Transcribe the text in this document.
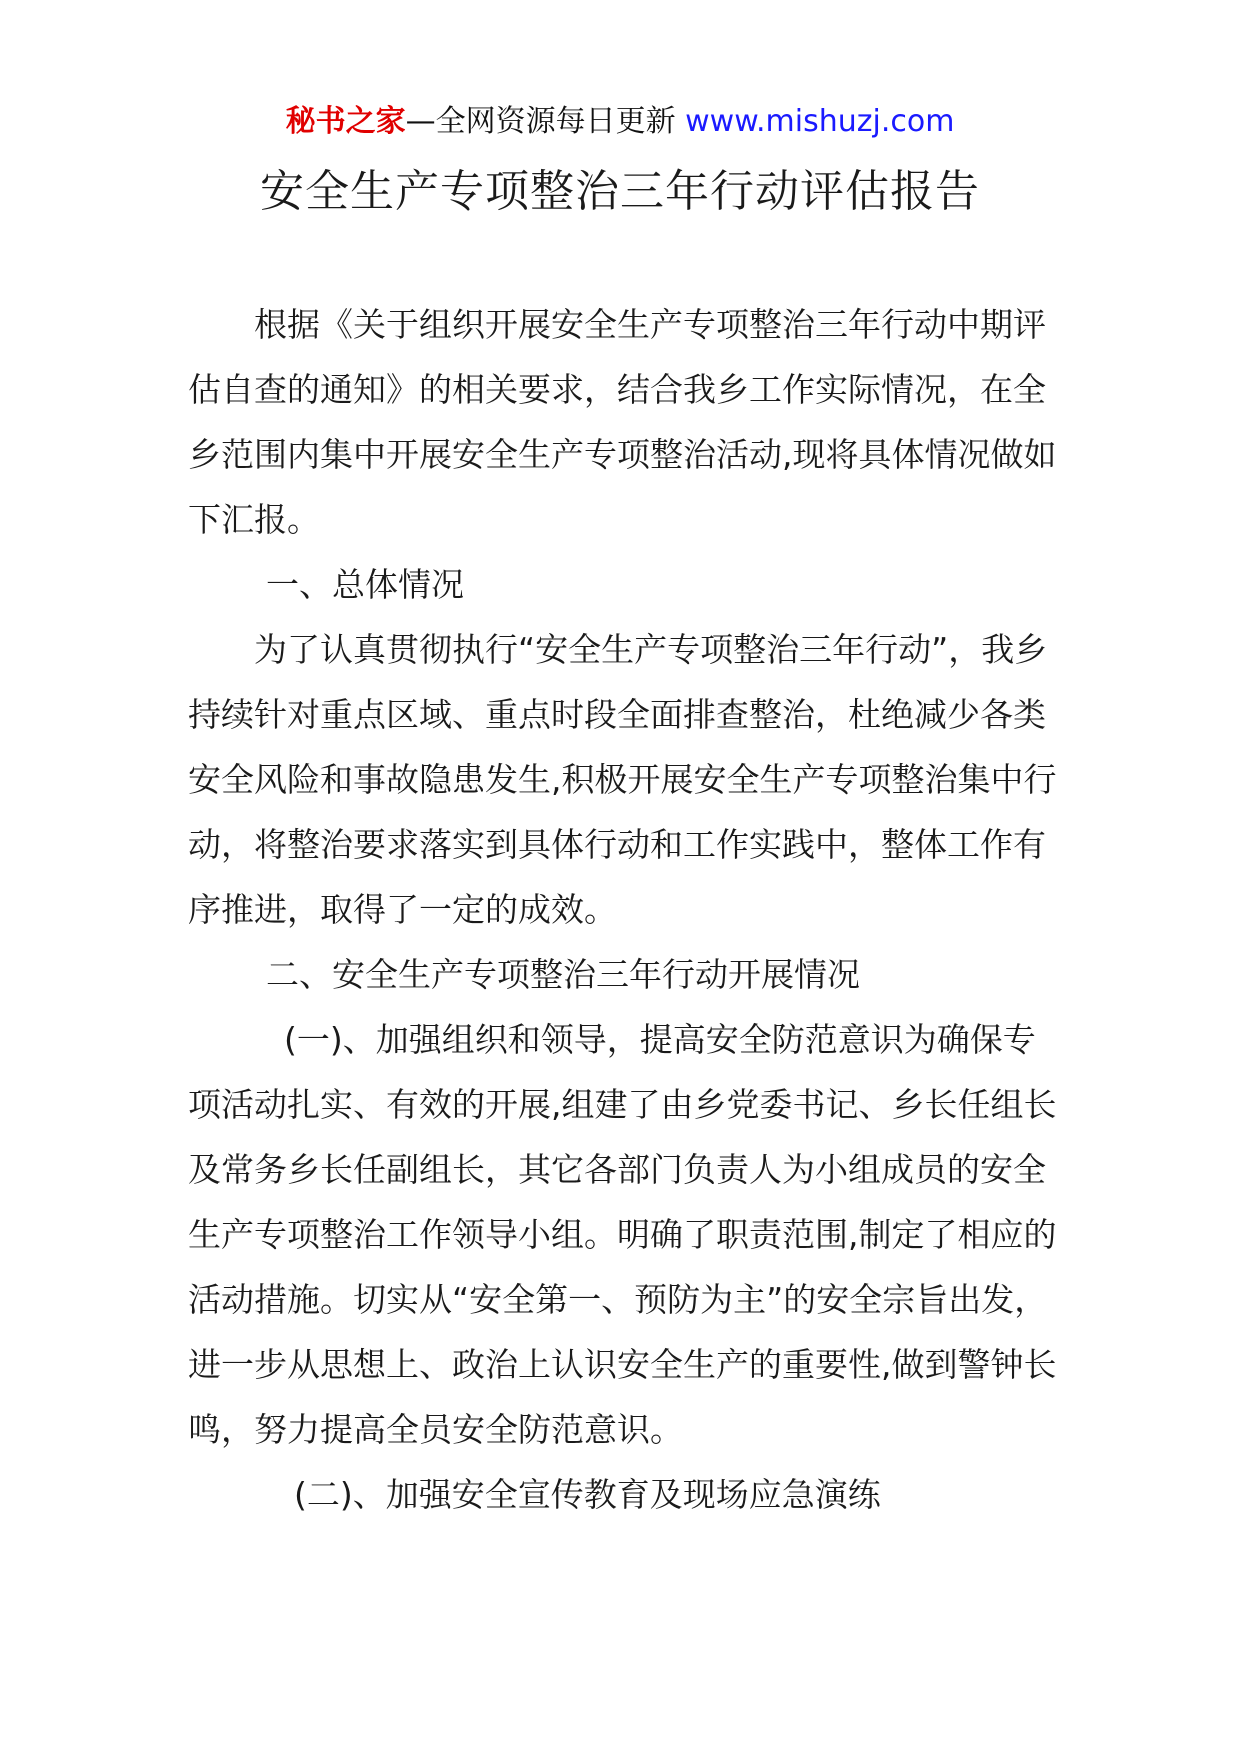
秘书之家—全网资源每日更新 www.mishuzj.com
安全生产专项整治三年行动评估报告

根据《关于组织开展安全生产专项整治三年行动中期评估自查的通知》的相关要求，结合我乡工作实际情况，在全乡范围内集中开展安全生产专项整治活动,现将具体情况做如下汇报。

一、总体情况

为了认真贯彻执行“安全生产专项整治三年行动”，我乡持续针对重点区域、重点时段全面排查整治，杜绝减少各类安全风险和事故隐患发生,积极开展安全生产专项整治集中行动，将整治要求落实到具体行动和工作实践中，整体工作有序推进，取得了一定的成效。

二、安全生产专项整治三年行动开展情况

(一)、加强组织和领导，提高安全防范意识为确保专项活动扎实、有效的开展,组建了由乡党委书记、乡长任组长及常务乡长任副组长，其它各部门负责人为小组成员的安全生产专项整治工作领导小组。明确了职责范围,制定了相应的活动措施。切实从“安全第一、预防为主”的安全宗旨出发，进一步从思想上、政治上认识安全生产的重要性,做到警钟长鸣，努力提高全员安全防范意识。

(二)、加强安全宣传教育及现场应急演练
